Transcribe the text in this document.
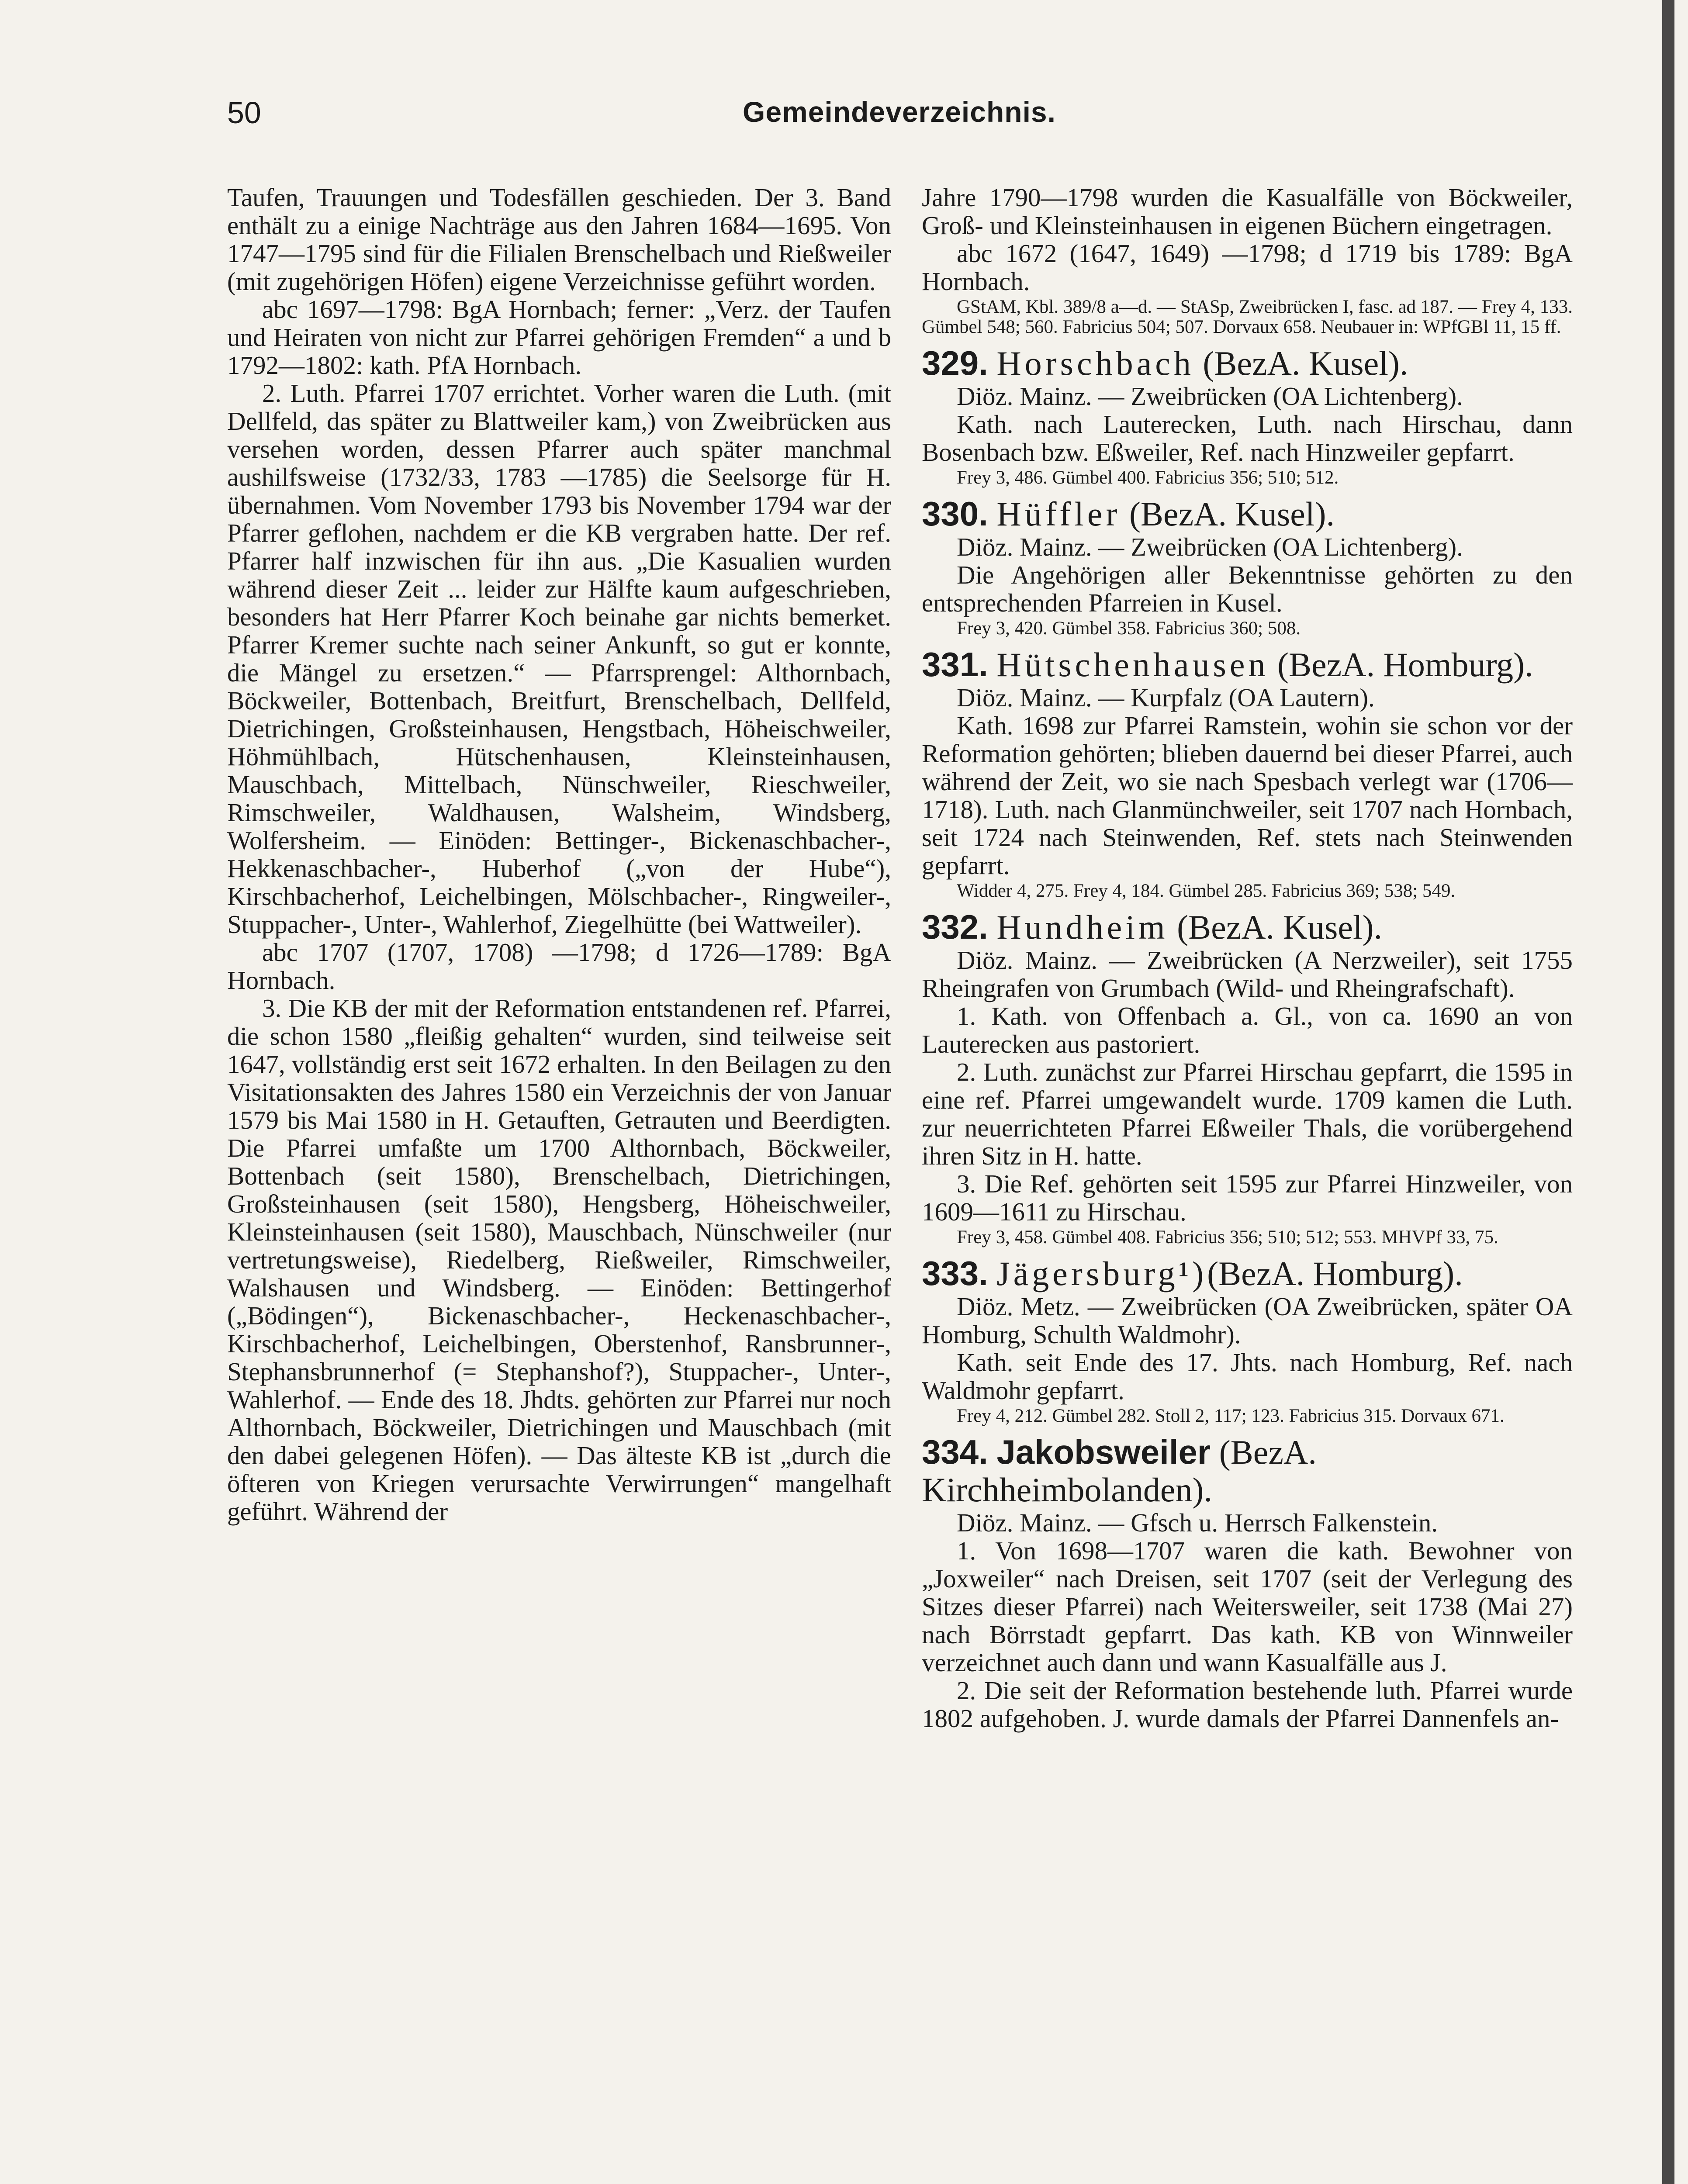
50	Gemeindeverzeichnis.

Taufen, Trauungen und Todesfällen geschieden. Der 3. Band enthält zu a einige Nachträge aus den Jahren 1684—1695. Von 1747—1795 sind für die Filialen Brenschelbach und Rießweiler (mit zugehörigen Höfen) eigene Verzeichnisse geführt worden.

abc 1697—1798: BgA Hornbach; ferner: „Verz. der Taufen und Heiraten von nicht zur Pfarrei gehörigen Fremden“ a und b 1792—1802: kath. PfA Hornbach.

2. Luth. Pfarrei 1707 errichtet. Vorher waren die Luth. (mit Dellfeld, das später zu Blattweiler kam,) von Zweibrücken aus versehen worden, dessen Pfarrer auch später manchmal aushilfsweise (1732/33, 1783 —1785) die Seelsorge für H. übernahmen. Vom November 1793 bis November 1794 war der Pfarrer geflohen, nachdem er die KB vergraben hatte. Der ref. Pfarrer half inzwischen für ihn aus. „Die Kasualien wurden während dieser Zeit ... leider zur Hälfte kaum aufgeschrieben, besonders hat Herr Pfarrer Koch beinahe gar nichts bemerket. Pfarrer Kremer suchte nach seiner Ankunft, so gut er konnte, die Mängel zu ersetzen.“ — Pfarrsprengel: Althornbach, Böckweiler, Bottenbach, Breitfurt, Brenschelbach, Dellfeld, Dietrichingen, Großsteinhausen, Hengstbach, Höheischweiler, Höhmühlbach, Hütschenhausen, Kleinsteinhausen, Mauschbach, Mittelbach, Nünschweiler, Rieschweiler, Rimschweiler, Waldhausen, Walsheim, Windsberg, Wolfersheim. — Einöden: Bettinger-, Bickenaschbacher-, Hekkenaschbacher-, Huberhof („von der Hube“), Kirschbacherhof, Leichelbingen, Mölschbacher-, Ringweiler-, Stuppacher-, Unter-, Wahlerhof, Ziegelhütte (bei Wattweiler).

abc 1707 (1707, 1708) —1798; d 1726—1789: BgA Hornbach.

3. Die KB der mit der Reformation entstandenen ref. Pfarrei, die schon 1580 „fleißig gehalten“ wurden, sind teilweise seit 1647, vollständig erst seit 1672 erhalten. In den Beilagen zu den Visitationsakten des Jahres 1580 ein Verzeichnis der von Januar 1579 bis Mai 1580 in H. Getauften, Getrauten und Beerdigten. Die Pfarrei umfaßte um 1700 Althornbach, Böckweiler, Bottenbach (seit 1580), Brenschelbach, Dietrichingen, Großsteinhausen (seit 1580), Hengsberg, Höheischweiler, Kleinsteinhausen (seit 1580), Mauschbach, Nünschweiler (nur vertretungsweise), Riedelberg, Rießweiler, Rimschweiler, Walshausen und Windsberg. — Einöden: Bettingerhof („Bödingen“), Bickenaschbacher-, Heckenaschbacher-, Kirschbacherhof, Leichelbingen, Oberstenhof, Ransbrunner-, Stephansbrunnerhof (= Stephanshof?), Stuppacher-, Unter-, Wahlerhof. — Ende des 18. Jhdts. gehörten zur Pfarrei nur noch Althornbach, Böckweiler, Dietrichingen und Mauschbach (mit den dabei gelegenen Höfen). — Das älteste KB ist „durch die öfteren von Kriegen verursachte Verwirrungen“ mangelhaft geführt. Während der

Jahre 1790—1798 wurden die Kasualfälle von Böckweiler, Groß- und Kleinsteinhausen in eigenen Büchern eingetragen.

abc 1672 (1647, 1649) —1798; d 1719 bis 1789: BgA Hornbach.

GStAM, Kbl. 389/8 a—d. — StASp, Zweibrücken I, fasc. ad 187. — Frey 4, 133. Gümbel 548; 560. Fabricius 504; 507. Dorvaux 658. Neubauer in: WPfGBl 11, 15 ff.

329. Horschbach (BezA. Kusel).

Diöz. Mainz. — Zweibrücken (OA Lichtenberg).

Kath. nach Lauterecken, Luth. nach Hirschau, dann Bosenbach bzw. Eßweiler, Ref. nach Hinzweiler gepfarrt.

Frey 3, 486. Gümbel 400. Fabricius 356; 510; 512.

330. Hüffler (BezA. Kusel).

Diöz. Mainz. — Zweibrücken (OA Lichtenberg).

Die Angehörigen aller Bekenntnisse gehörten zu den entsprechenden Pfarreien in Kusel.

Frey 3, 420. Gümbel 358. Fabricius 360; 508.

331. Hütschenhausen (BezA. Homburg).

Diöz. Mainz. — Kurpfalz (OA Lautern).

Kath. 1698 zur Pfarrei Ramstein, wohin sie schon vor der Reformation gehörten; blieben dauernd bei dieser Pfarrei, auch während der Zeit, wo sie nach Spesbach verlegt war (1706—1718). Luth. nach Glanmünchweiler, seit 1707 nach Hornbach, seit 1724 nach Steinwenden, Ref. stets nach Steinwenden gepfarrt.

Widder 4, 275. Frey 4, 184. Gümbel 285. Fabricius 369; 538; 549.

332. Hundheim (BezA. Kusel).

Diöz. Mainz. — Zweibrücken (A Nerzweiler), seit 1755 Rheingrafen von Grumbach (Wild- und Rheingrafschaft).

1. Kath. von Offenbach a. Gl., von ca. 1690 an von Lauterecken aus pastoriert.

2. Luth. zunächst zur Pfarrei Hirschau gepfarrt, die 1595 in eine ref. Pfarrei umgewandelt wurde. 1709 kamen die Luth. zur neuerrichteten Pfarrei Eßweiler Thals, die vorübergehend ihren Sitz in H. hatte.

3. Die Ref. gehörten seit 1595 zur Pfarrei Hinzweiler, von 1609—1611 zu Hirschau.

Frey 3, 458. Gümbel 408. Fabricius 356; 510; 512; 553. MHVPf 33, 75.

333. Jägersburg¹)(BezA. Homburg).

Diöz. Metz. — Zweibrücken (OA Zweibrücken, später OA Homburg, Schulth Waldmohr).

Kath. seit Ende des 17. Jhts. nach Homburg, Ref. nach Waldmohr gepfarrt.

Frey 4, 212. Gümbel 282. Stoll 2, 117; 123. Fabricius 315. Dorvaux 671.

334. Jakobsweiler (BezA. Kirchheimbolanden).

Diöz. Mainz. — Gfsch u. Herrsch Falkenstein.

1. Von 1698—1707 waren die kath. Bewohner von „Joxweiler“ nach Dreisen, seit 1707 (seit der Verlegung des Sitzes dieser Pfarrei) nach Weitersweiler, seit 1738 (Mai 27) nach Börrstadt gepfarrt. Das kath. KB von Winnweiler verzeichnet auch dann und wann Kasualfälle aus J.

2. Die seit der Reformation bestehende luth. Pfarrei wurde 1802 aufgehoben. J. wurde damals der Pfarrei Dannenfels an-
